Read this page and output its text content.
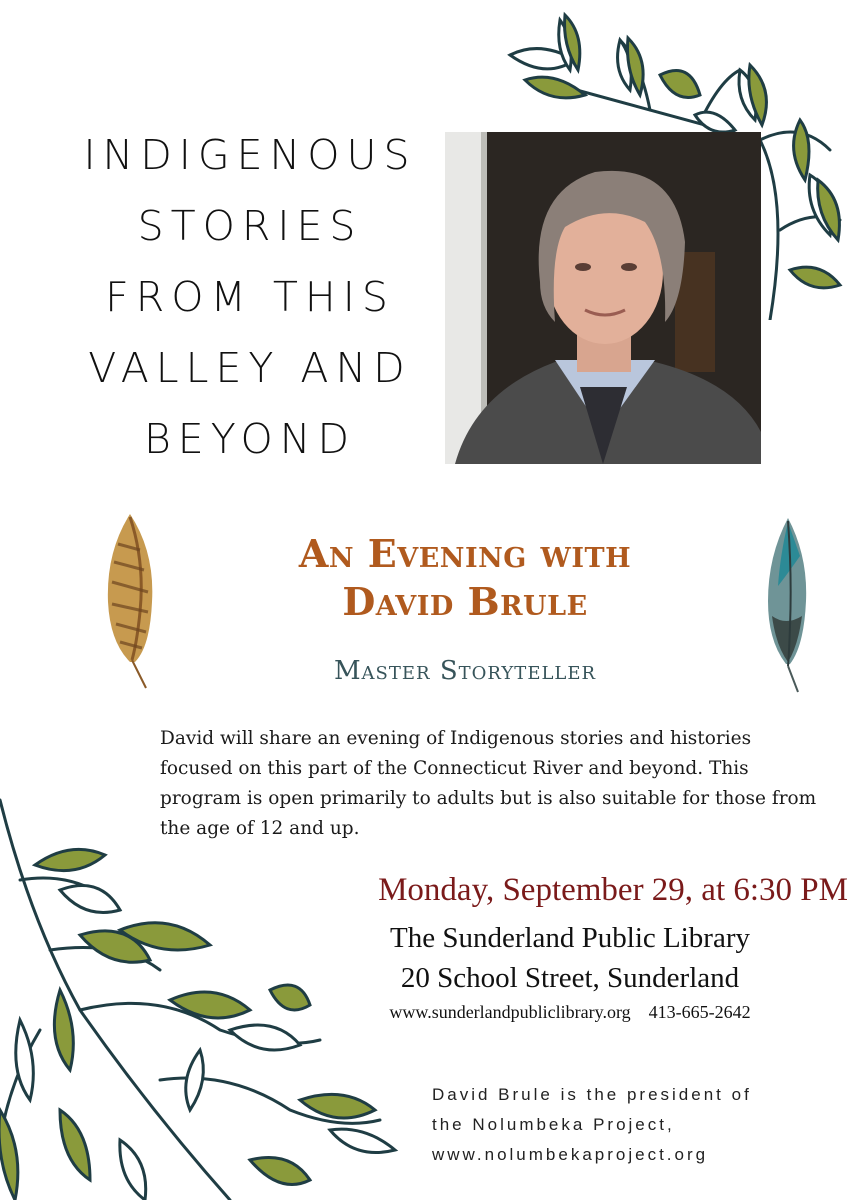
INDIGENOUS
STORIES
FROM THIS
VALLEY AND
BEYOND
An Evening with
David Brule
Master Storyteller
David will share an evening of Indigenous stories and histories focused on this part of the Connecticut River and beyond. This program is open primarily to adults but is also suitable for those from the age of 12 and up.
Monday, September 29, at 6:30 PM
The Sunderland Public Library
20 School Street, Sunderland
www.sunderlandpubliclibrary.org 413-665-2642
David Brule is the president of
the Nolumbeka Project,
www.nolumbekaproject.org
